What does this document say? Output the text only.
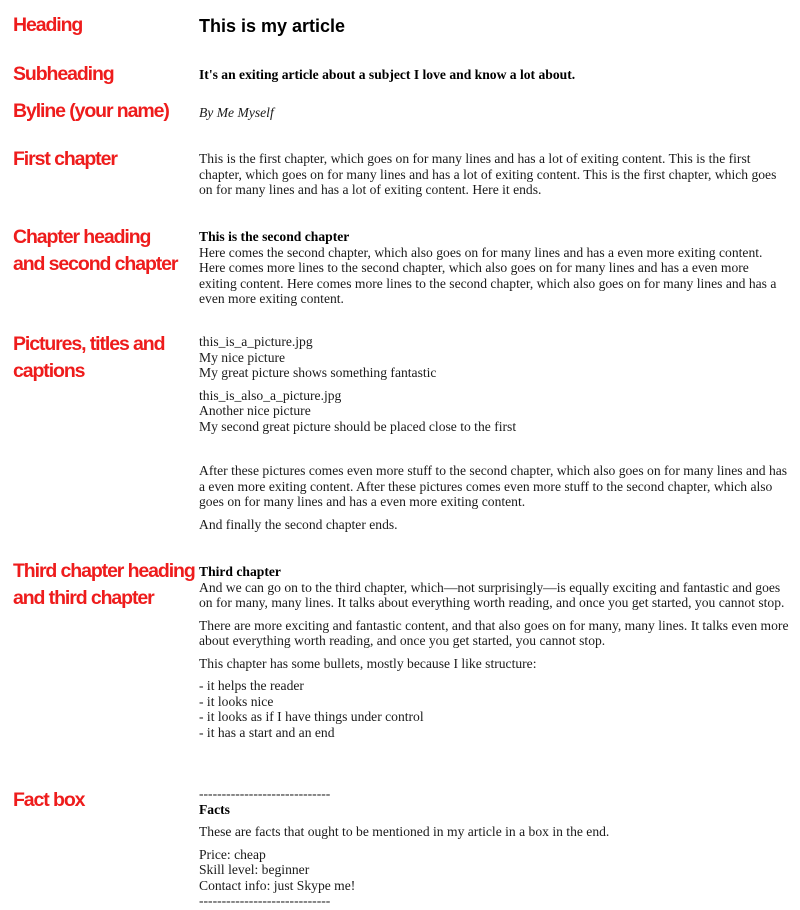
Heading
Subheading
Byline (your name)
First chapter
Chapter heading
and second chapter
Pictures, titles and
captions
Third chapter heading
and third chapter
Fact box
This is my article
It's an exiting article about a subject I love and know a lot about.
By Me Myself
This is the first chapter, which goes on for many lines and has a lot of exiting content. This is the first chapter, which goes on for many lines and has a lot of exiting content. This is the first chapter, which goes on for many lines and has a lot of exiting content. Here it ends.
This is the second chapter
Here comes the second chapter, which also goes on for many lines and has a even more exiting content. Here comes more lines to the second chapter, which also goes on for many lines and has a even more exiting content. Here comes more lines to the second chapter, which also goes on for many lines and has a even more exiting content.

this_is_a_picture.jpg
My nice picture
My great picture shows something fantastic

this_is_also_a_picture.jpg
Another nice picture
My second great picture should be placed close to the first

After these pictures comes even more stuff to the second chapter, which also goes on for many lines and has a even more exiting content. After these pictures comes even more stuff to the second chapter, which also goes on for many lines and has a even more exiting content.

And finally the second chapter ends.

Third chapter

And we can go on to the third chapter, which—not surprisingly—is equally exciting and fantastic and goes on for many, many lines. It talks about everything worth reading, and once you get started, you cannot stop.

There are more exciting and fantastic content, and that also goes on for many, many lines. It talks even more about everything worth reading, and once you get started, you cannot stop.

This chapter has some bullets, mostly because I like structure:

- it helps the reader
- it looks nice
- it looks as if I have things under control
- it has a start and an end
-----------------------------
Facts

These are facts that ought to be mentioned in my article in a box in the end.

Price: cheap
Skill level: beginner
Contact info: just Skype me!
-----------------------------
